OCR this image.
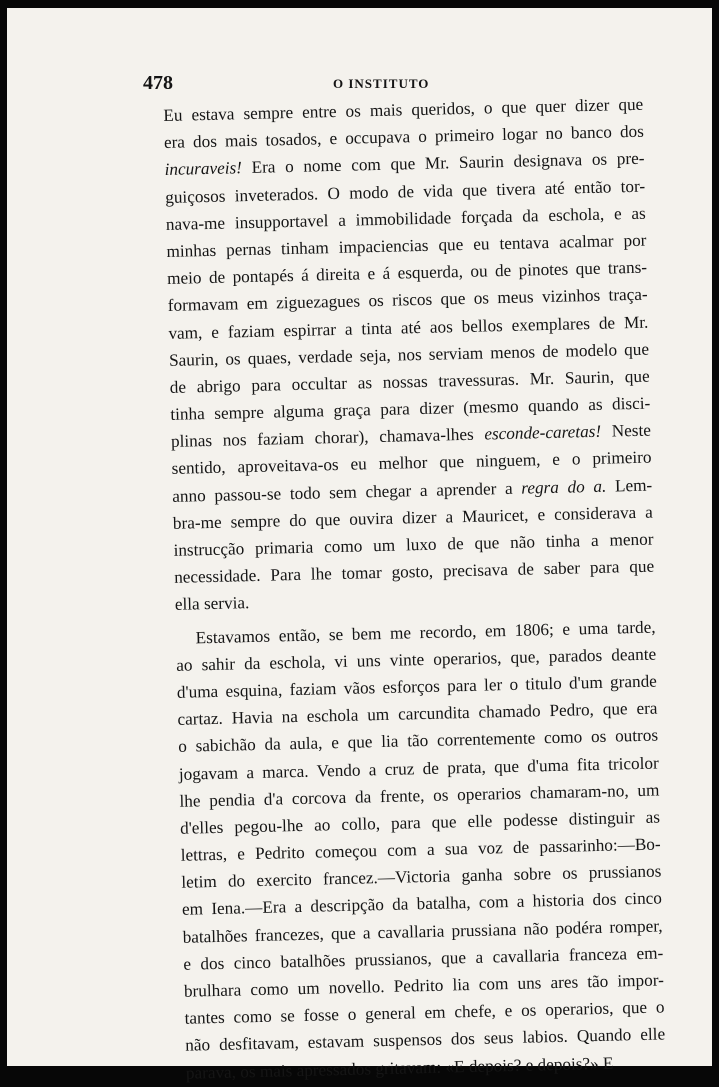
478	O INSTITUTO
Eu estava sempre entre os mais queridos, o que quer dizer que
era dos mais tosados, e occupava o primeiro logar no banco dos
incuraveis! Era o nome com que Mr. Saurin designava os pre-
guiçosos inveterados. O modo de vida que tivera até então tor-
nava-me insupportavel a immobilidade forçada da eschola, e as
minhas pernas tinham impaciencias que eu tentava acalmar por
meio de pontapés á direita e á esquerda, ou de pinotes que trans-
formavam em ziguezagues os riscos que os meus vizinhos traça-
vam, e faziam espirrar a tinta até aos bellos exemplares de Mr.
Saurin, os quaes, verdade seja, nos serviam menos de modelo que
de abrigo para occultar as nossas travessuras. Mr. Saurin, que
tinha sempre alguma graça para dizer (mesmo quando as disci-
plinas nos faziam chorar), chamava-lhes esconde-caretas! Neste
sentido, aproveitava-os eu melhor que ninguem, e o primeiro
anno passou-se todo sem chegar a aprender a regra do a. Lem-
bra-me sempre do que ouvira dizer a Mauricet, e considerava a
instrucção primaria como um luxo de que não tinha a menor
necessidade. Para lhe tomar gosto, precisava de saber para que
ella servia.
Estavamos então, se bem me recordo, em 1806; e uma tarde,
ao sahir da eschola, vi uns vinte operarios, que, parados deante
d'uma esquina, faziam vãos esforços para ler o titulo d'um grande
cartaz. Havia na eschola um carcundita chamado Pedro, que era
o sabichão da aula, e que lia tão correntemente como os outros
jogavam a marca. Vendo a cruz de prata, que d'uma fita tricolor
lhe pendia d'a corcova da frente, os operarios chamaram-no, um
d'elles pegou-lhe ao collo, para que elle podesse distinguir as
lettras, e Pedrito começou com a sua voz de passarinho:—Bo-
letim do exercito francez.—Victoria ganha sobre os prussianos
em Iena.—Era a descripção da batalha, com a historia dos cinco
batalhões francezes, que a cavallaria prussiana não podéra romper,
e dos cinco batalhões prussianos, que a cavallaria franceza em-
brulhara como um novello. Pedrito lia com uns ares tão impor-
tantes como se fosse o general em chefe, e os operarios, que o
não desfitavam, estavam suspensos dos seus labios. Quando elle
parava, os mais apressados gritavam: «E depois? e depois?» E
